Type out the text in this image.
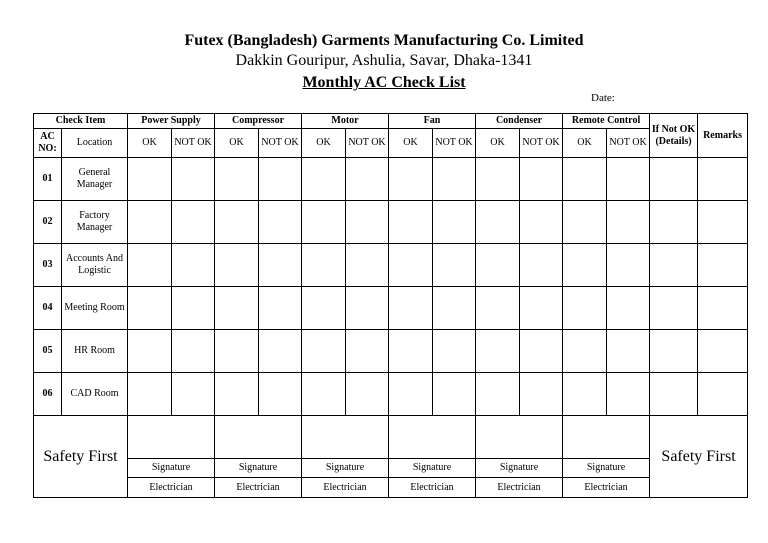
Futex (Bangladesh) Garments Manufacturing Co. Limited
Dakkin Gouripur, Ashulia, Savar, Dhaka-1341
Monthly AC Check List
Date:
Check Item		Power Supply		Compressor		Motor		Fan		Condenser		Remote Control		If Not OK (Details)	Remarks
AC NO:	Location	OK	NOT OK	OK	NOT OK	OK	NOT OK	OK	NOT OK	OK	NOT OK	OK	NOT OK		
01	General Manager														
02	Factory Manager														
03	Accounts And Logistic														
04	Meeting Room														
05	HR Room														
06	CAD Room														
Safety First														Safety First	
		Signature		Signature		Signature		Signature		Signature		Signature			
		Electrician		Electrician		Electrician		Electrician		Electrician		Electrician			
